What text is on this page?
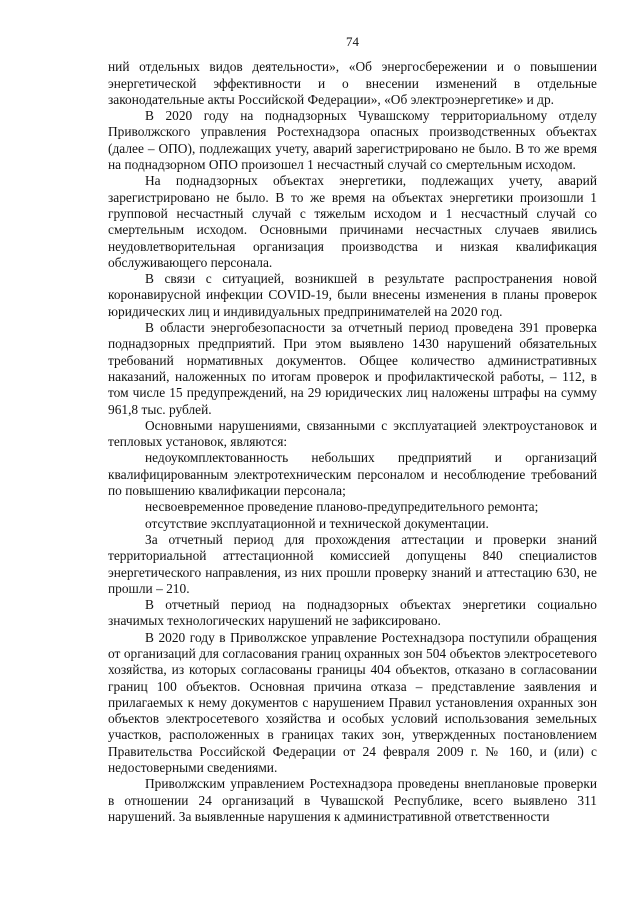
74

ний отдельных видов деятельности», «Об энергосбережении и о повышении энергетической эффективности и о внесении изменений в отдельные законодательные акты Российской Федерации», «Об электроэнергетике» и др.

В 2020 году на поднадзорных Чувашскому территориальному отделу Приволжского управления Ростехнадзора опасных производственных объектах (далее – ОПО), подлежащих учету, аварий зарегистрировано не было. В то же время на поднадзорном ОПО произошел 1 несчастный случай со смертельным исходом.

На поднадзорных объектах энергетики, подлежащих учету, аварий зарегистрировано не было. В то же время на объектах энергетики произошли 1 групповой несчастный случай с тяжелым исходом и 1 несчастный случай со смертельным исходом. Основными причинами несчастных случаев явились неудовлетворительная организация производства и низкая квалификация обслуживающего персонала.

В связи с ситуацией, возникшей в результате распространения новой коронавирусной инфекции COVID-19, были внесены изменения в планы проверок юридических лиц и индивидуальных предпринимателей на 2020 год.

В области энергобезопасности за отчетный период проведена 391 проверка поднадзорных предприятий. При этом выявлено 1430 нарушений обязательных требований нормативных документов. Общее количество административных наказаний, наложенных по итогам проверок и профилактической работы, – 112, в том числе 15 предупреждений, на 29 юридических лиц наложены штрафы на сумму 961,8 тыс. рублей.

Основными нарушениями, связанными с эксплуатацией электроустановок и тепловых установок, являются:

недоукомплектованность небольших предприятий и организаций квалифицированным электротехническим персоналом и несоблюдение требований по повышению квалификации персонала;

несвоевременное проведение планово-предупредительного ремонта;

отсутствие эксплуатационной и технической документации.

За отчетный период для прохождения аттестации и проверки знаний территориальной аттестационной комиссией допущены 840 специалистов энергетического направления, из них прошли проверку знаний и аттестацию 630, не прошли – 210.

В отчетный период на поднадзорных объектах энергетики социально значимых технологических нарушений не зафиксировано.

В 2020 году в Приволжское управление Ростехнадзора поступили обращения от организаций для согласования границ охранных зон 504 объектов электросетевого хозяйства, из которых согласованы границы 404 объектов, отказано в согласовании границ 100 объектов. Основная причина отказа – представление заявления и прилагаемых к нему документов с нарушением Правил установления охранных зон объектов электросетевого хозяйства и особых условий использования земельных участков, расположенных в границах таких зон, утвержденных постановлением Правительства Российской Федерации от 24 февраля 2009 г. № 160, и (или) с недостоверными сведениями.

Приволжским управлением Ростехнадзора проведены внеплановые проверки в отношении 24 организаций в Чувашской Республике, всего выявлено 311 нарушений. За выявленные нарушения к административной ответственности
